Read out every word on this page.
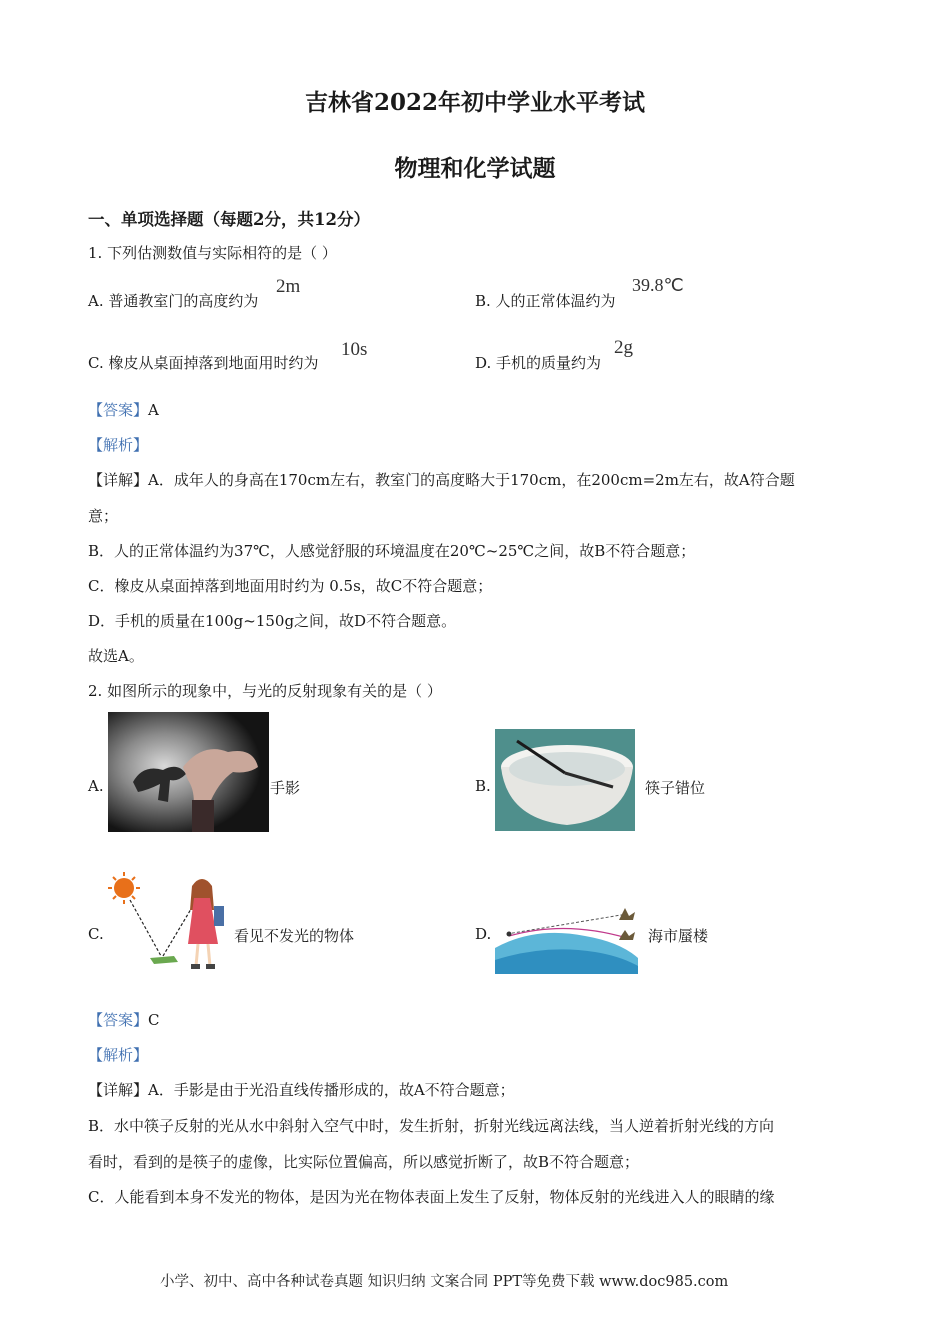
吉林省2022年初中学业水平考试
物理和化学试题
一、单项选择题（每题2分，共12分）
1. 下列估测数值与实际相符的是（ ）
A. 普通教室门的高度约为
2m
B. 人的正常体温约为
39.8℃
C. 橡皮从桌面掉落到地面用时约为
10s
D. 手机的质量约为
2g
【答案】A
【解析】
【详解】A．成年人的身高在170cm左右，教室门的高度略大于170cm，在200cm=2m左右，故A符合题
意；
B．人的正常体温约为37℃，人感觉舒服的环境温度在20℃~25℃之间，故B不符合题意；
C．橡皮从桌面掉落到地面用时约为 0.5s，故C不符合题意；
D．手机的质量在100g~150g之间，故D不符合题意。
故选A。
2. 如图所示的现象中，与光的反射现象有关的是（ ）
A.	手影	B.	筷子错位
C.	看见不发光的物体	D.	海市蜃楼
【答案】C
【解析】
【详解】A．手影是由于光沿直线传播形成的，故A不符合题意；
B．水中筷子反射的光从水中斜射入空气中时，发生折射，折射光线远离法线，当人逆着折射光线的方向
看时，看到的是筷子的虚像，比实际位置偏高，所以感觉折断了，故B不符合题意；
C．人能看到本身不发光的物体，是因为光在物体表面上发生了反射，物体反射的光线进入人的眼睛的缘
小学、初中、高中各种试卷真题 知识归纳 文案合同 PPT等免费下载 www.doc985.com
